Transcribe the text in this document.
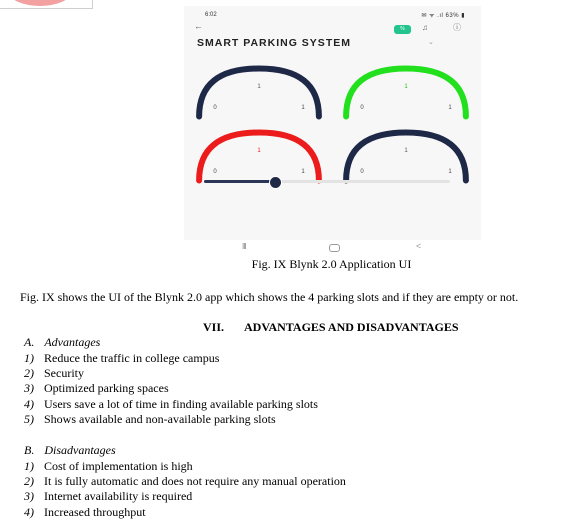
6:02	✉ ᯤ .ıl 63% ▮
←	%	♫	ⓘ
SMART PARKING SYSTEM	⌄
1
0	1
1
0	1
1
0	1
1
0	1
III	<
Fig. IX Blynk 2.0 Application UI
Fig. IX shows the UI of the Blynk 2.0 app which shows the 4 parking slots and if they are empty or not.
VII. ADVANTAGES AND DISADVANTAGES
A. Advantages
1) Reduce the traffic in college campus
2) Security
3) Optimized parking spaces
4) Users save a lot of time in finding available parking slots
5) Shows available and non-available parking slots
B. Disadvantages
1) Cost of implementation is high
2) It is fully automatic and does not require any manual operation
3) Internet availability is required
4) Increased throughput
